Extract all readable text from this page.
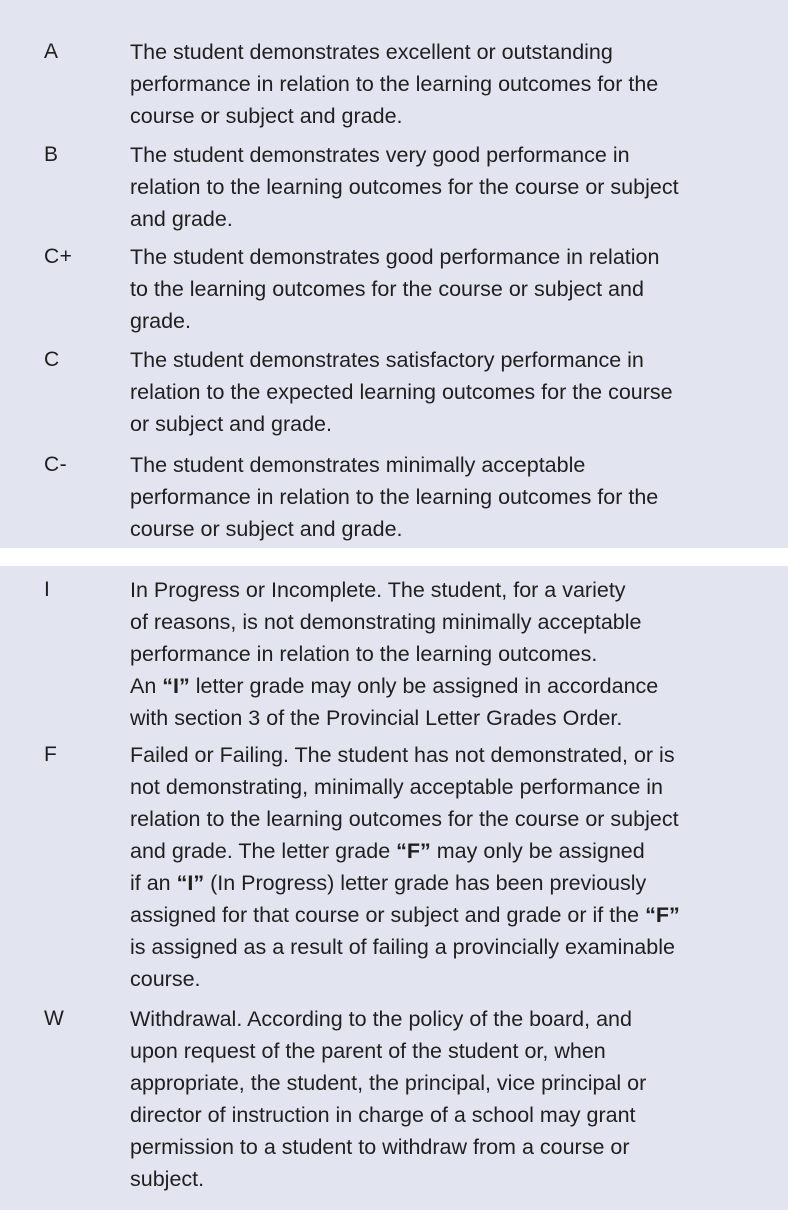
A	The student demonstrates excellent or outstanding
performance in relation to the learning outcomes for the
course or subject and grade.
B	The student demonstrates very good performance in
relation to the learning outcomes for the course or subject
and grade.
C+	The student demonstrates good performance in relation
to the learning outcomes for the course or subject and
grade.
C	The student demonstrates satisfactory performance in
relation to the expected learning outcomes for the course
or subject and grade.
C-	The student demonstrates minimally acceptable
performance in relation to the learning outcomes for the
course or subject and grade.
I	In Progress or Incomplete. The student, for a variety
of reasons, is not demonstrating minimally acceptable
performance in relation to the learning outcomes.
An “I” letter grade may only be assigned in accordance
with section 3 of the Provincial Letter Grades Order.
F	Failed or Failing. The student has not demonstrated, or is
not demonstrating, minimally acceptable performance in
relation to the learning outcomes for the course or subject
and grade. The letter grade “F” may only be assigned
if an “I” (In Progress) letter grade has been previously
assigned for that course or subject and grade or if the “F”
is assigned as a result of failing a provincially examinable
course.
W	Withdrawal. According to the policy of the board, and
upon request of the parent of the student or, when
appropriate, the student, the principal, vice principal or
director of instruction in charge of a school may grant
permission to a student to withdraw from a course or
subject.
